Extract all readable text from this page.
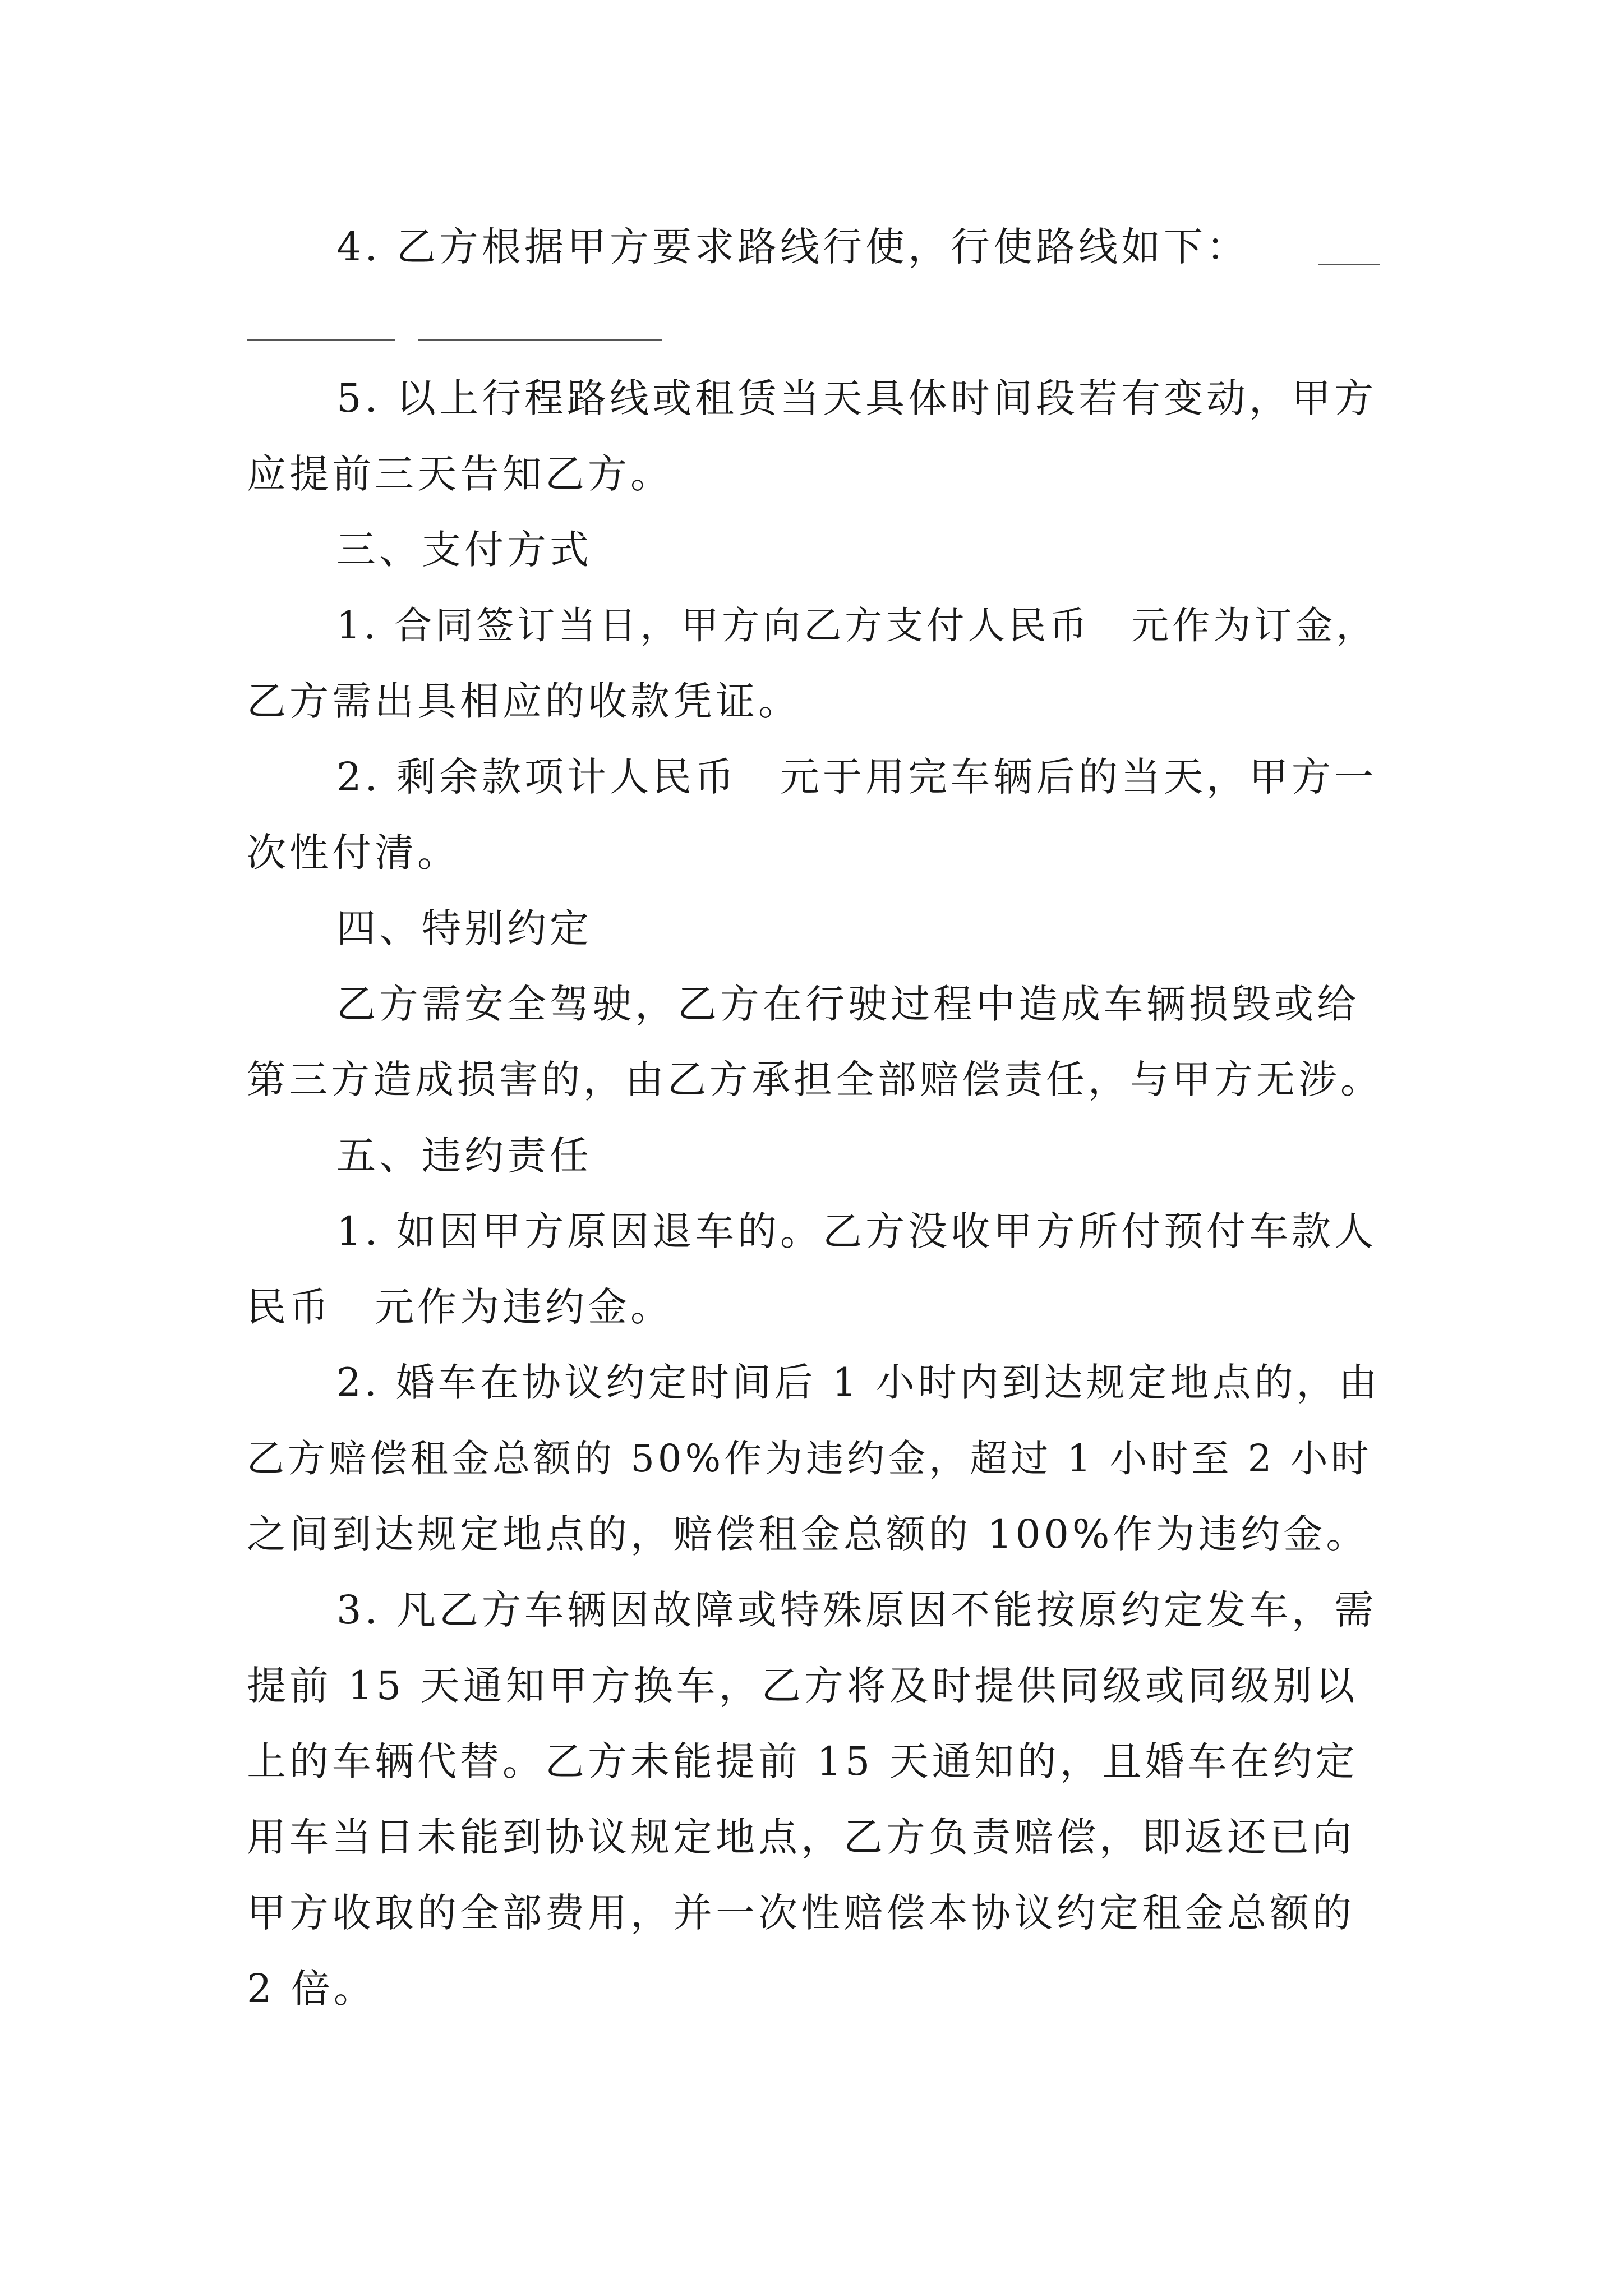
4. 乙方根据甲方要求路线行使，行使路线如下：
5. 以上行程路线或租赁当天具体时间段若有变动，甲方
应提前三天告知乙方。
三、支付方式
1. 合同签订当日，甲方向乙方支付人民币　元作为订金，
乙方需出具相应的收款凭证。
2. 剩余款项计人民币　元于用完车辆后的当天，甲方一
次性付清。
四、特别约定
乙方需安全驾驶，乙方在行驶过程中造成车辆损毁或给
第三方造成损害的，由乙方承担全部赔偿责任，与甲方无涉。
五、违约责任
1. 如因甲方原因退车的。乙方没收甲方所付预付车款人
民币　元作为违约金。
2. 婚车在协议约定时间后 1 小时内到达规定地点的，由
乙方赔偿租金总额的 50%作为违约金，超过 1 小时至 2 小时
之间到达规定地点的，赔偿租金总额的 100%作为违约金。
3. 凡乙方车辆因故障或特殊原因不能按原约定发车，需
提前 15 天通知甲方换车，乙方将及时提供同级或同级别以
上的车辆代替。乙方未能提前 15 天通知的，且婚车在约定
用车当日未能到协议规定地点，乙方负责赔偿，即返还已向
甲方收取的全部费用，并一次性赔偿本协议约定租金总额的
2 倍。
